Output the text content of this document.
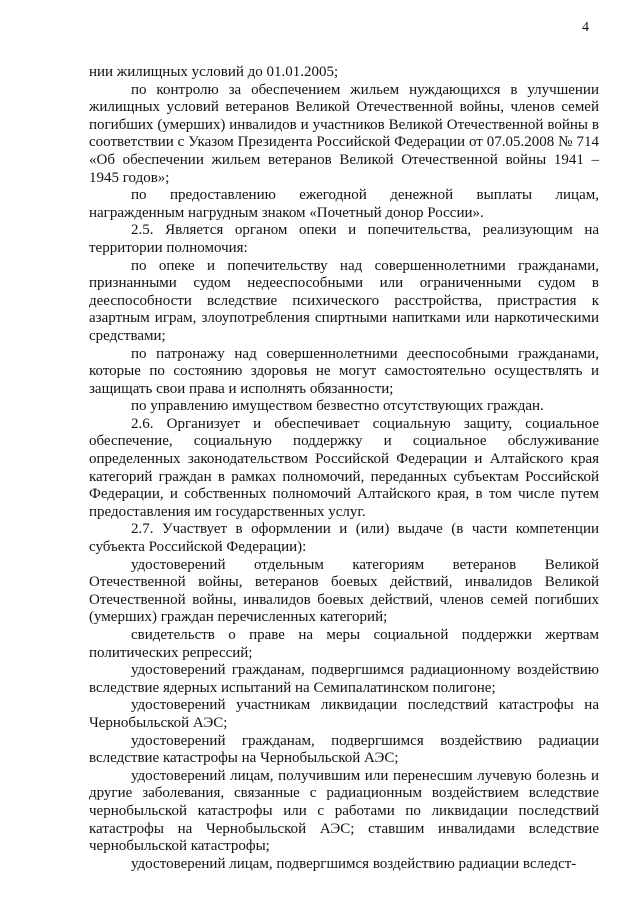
4

нии жилищных условий до 01.01.2005;

по контролю за обеспечением жильем нуждающихся в улучшении жилищных условий ветеранов Великой Отечественной войны, членов семей погибших (умерших) инвалидов и участников Великой Отечественной войны в соответствии с Указом Президента Российской Федерации от 07.05.2008 № 714 «Об обеспечении жильем ветеранов Великой Отечественной войны 1941 – 1945 годов»;

по предоставлению ежегодной денежной выплаты лицам, награжденным нагрудным знаком «Почетный донор России».

2.5. Является органом опеки и попечительства, реализующим на территории полномочия:

по опеке и попечительству над совершеннолетними гражданами, признанными судом недееспособными или ограниченными судом в дееспособности вследствие психического расстройства, пристрастия к азартным играм, злоупотребления спиртными напитками или наркотическими средствами;

по патронажу над совершеннолетними дееспособными гражданами, которые по состоянию здоровья не могут самостоятельно осуществлять и защищать свои права и исполнять обязанности;

по управлению имуществом безвестно отсутствующих граждан.

2.6. Организует и обеспечивает социальную защиту, социальное обеспечение, социальную поддержку и социальное обслуживание определенных законодательством Российской Федерации и Алтайского края категорий граждан в рамках полномочий, переданных субъектам Российской Федерации, и собственных полномочий Алтайского края, в том числе путем предоставления им государственных услуг.

2.7. Участвует в оформлении и (или) выдаче (в части компетенции субъекта Российской Федерации):

удостоверений отдельным категориям ветеранов Великой Отечественной войны, ветеранов боевых действий, инвалидов Великой Отечественной войны, инвалидов боевых действий, членов семей погибших (умерших) граждан перечисленных категорий;

свидетельств о праве на меры социальной поддержки жертвам политических репрессий;

удостоверений гражданам, подвергшимся радиационному воздействию вследствие ядерных испытаний на Семипалатинском полигоне;

удостоверений участникам ликвидации последствий катастрофы на Чернобыльской АЭС;

удостоверений гражданам, подвергшимся воздействию радиации вследствие катастрофы на Чернобыльской АЭС;

удостоверений лицам, получившим или перенесшим лучевую болезнь и другие заболевания, связанные с радиационным воздействием вследствие чернобыльской катастрофы или с работами по ликвидации последствий катастрофы на Чернобыльской АЭС; ставшим инвалидами вследствие чернобыльской катастрофы;

удостоверений лицам, подвергшимся воздействию радиации вследст-
